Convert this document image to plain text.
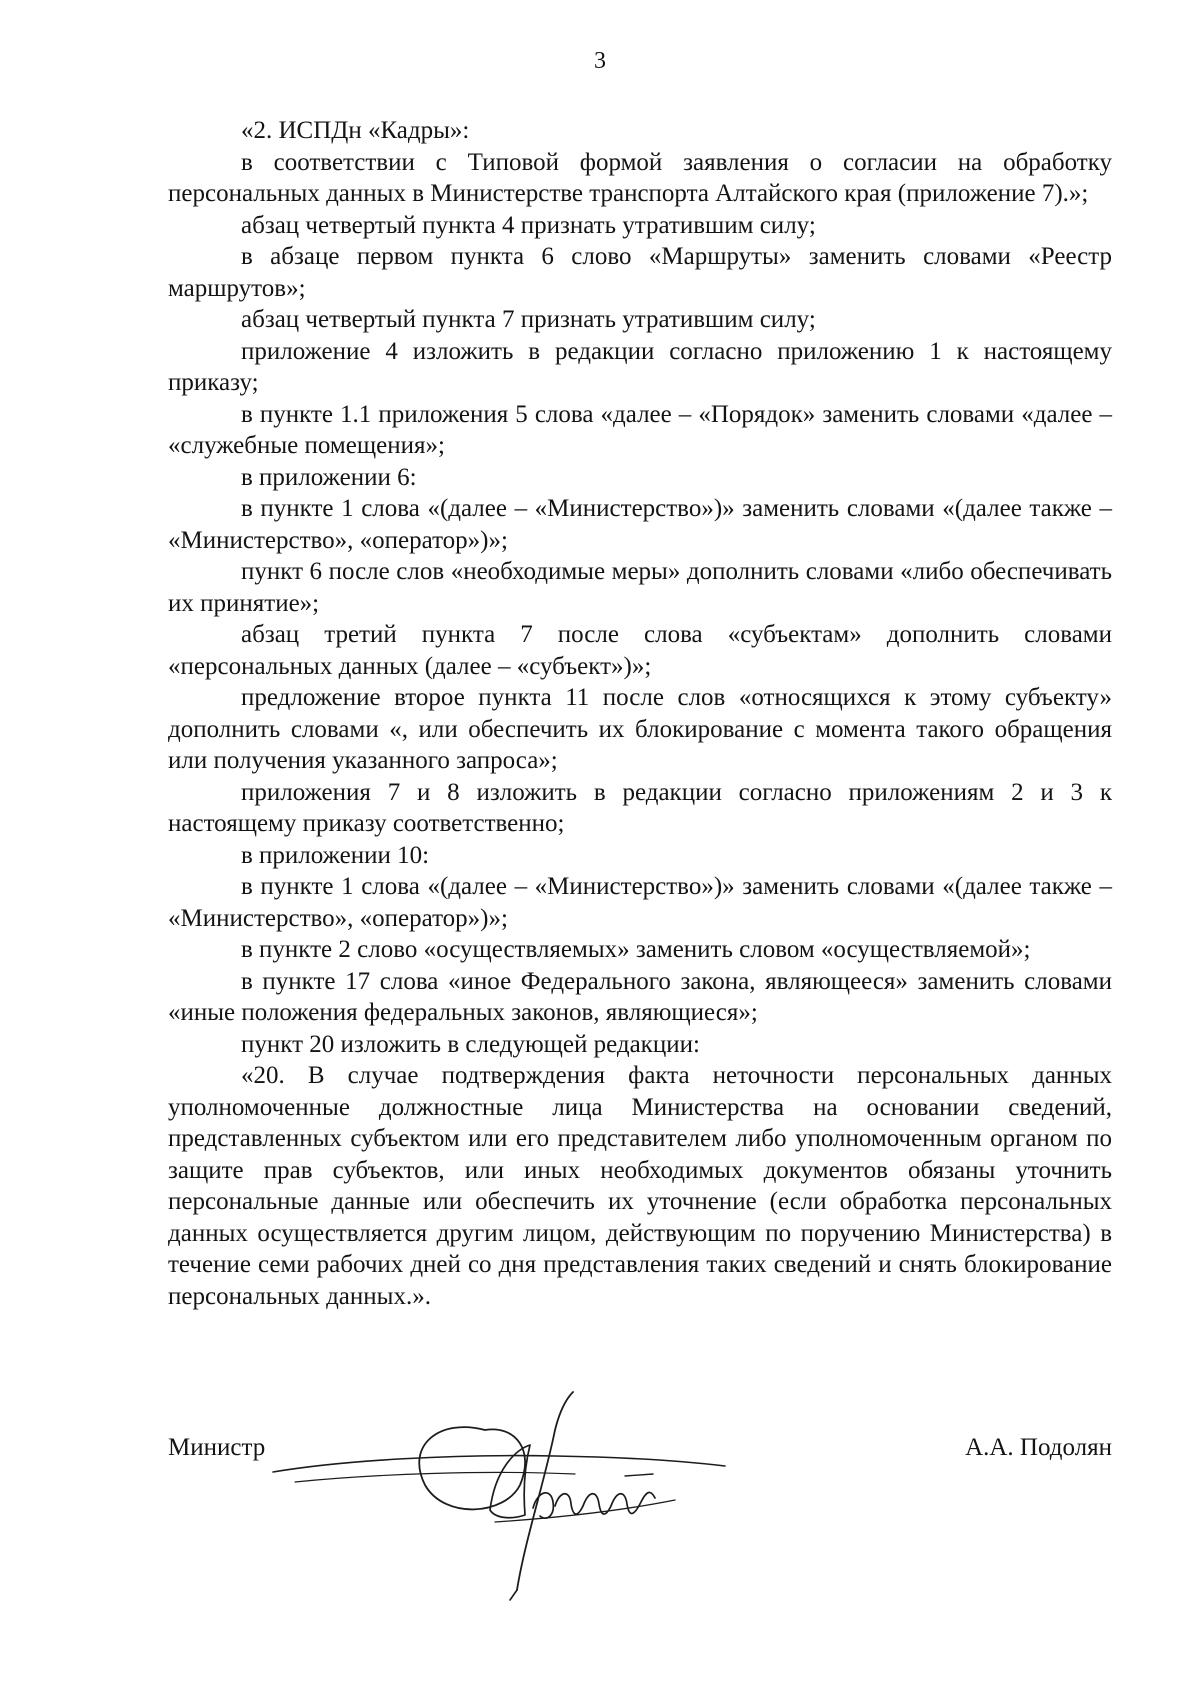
3

«2. ИСПДн «Кадры»:

в соответствии с Типовой формой заявления о согласии на обработку персональных данных в Министерстве транспорта Алтайского края (приложение 7).»;

абзац четвертый пункта 4 признать утратившим силу;

в абзаце первом пункта 6 слово «Маршруты» заменить словами «Реестр маршрутов»;

абзац четвертый пункта 7 признать утратившим силу;

приложение 4 изложить в редакции согласно приложению 1 к настоящему приказу;

в пункте 1.1 приложения 5 слова «далее – «Порядок» заменить словами «далее – «служебные помещения»;

в приложении 6:

в пункте 1 слова «(далее – «Министерство»)» заменить словами «(далее также – «Министерство», «оператор»)»;

пункт 6 после слов «необходимые меры» дополнить словами «либо обеспечивать их принятие»;

абзац третий пункта 7 после слова «субъектам» дополнить словами «персональных данных (далее – «субъект»)»;

предложение второе пункта 11 после слов «относящихся к этому субъекту» дополнить словами «, или обеспечить их блокирование с момента такого обращения или получения указанного запроса»;

приложения 7 и 8 изложить в редакции согласно приложениям 2 и 3 к настоящему приказу соответственно;

в приложении 10:

в пункте 1 слова «(далее – «Министерство»)» заменить словами «(далее также – «Министерство», «оператор»)»;

в пункте 2 слово «осуществляемых» заменить словом «осуществляемой»;

в пункте 17 слова «иное Федерального закона, являющееся» заменить словами «иные положения федеральных законов, являющиеся»;

пункт 20 изложить в следующей редакции:

«20. В случае подтверждения факта неточности персональных данных уполномоченные должностные лица Министерства на основании сведений, представленных субъектом или его представителем либо уполномоченным органом по защите прав субъектов, или иных необходимых документов обязаны уточнить персональные данные или обеспечить их уточнение (если обработка персональных данных осуществляется другим лицом, действующим по поручению Министерства) в течение семи рабочих дней со дня представления таких сведений и снять блокирование персональных данных.».

Министр	А.А. Подолян
